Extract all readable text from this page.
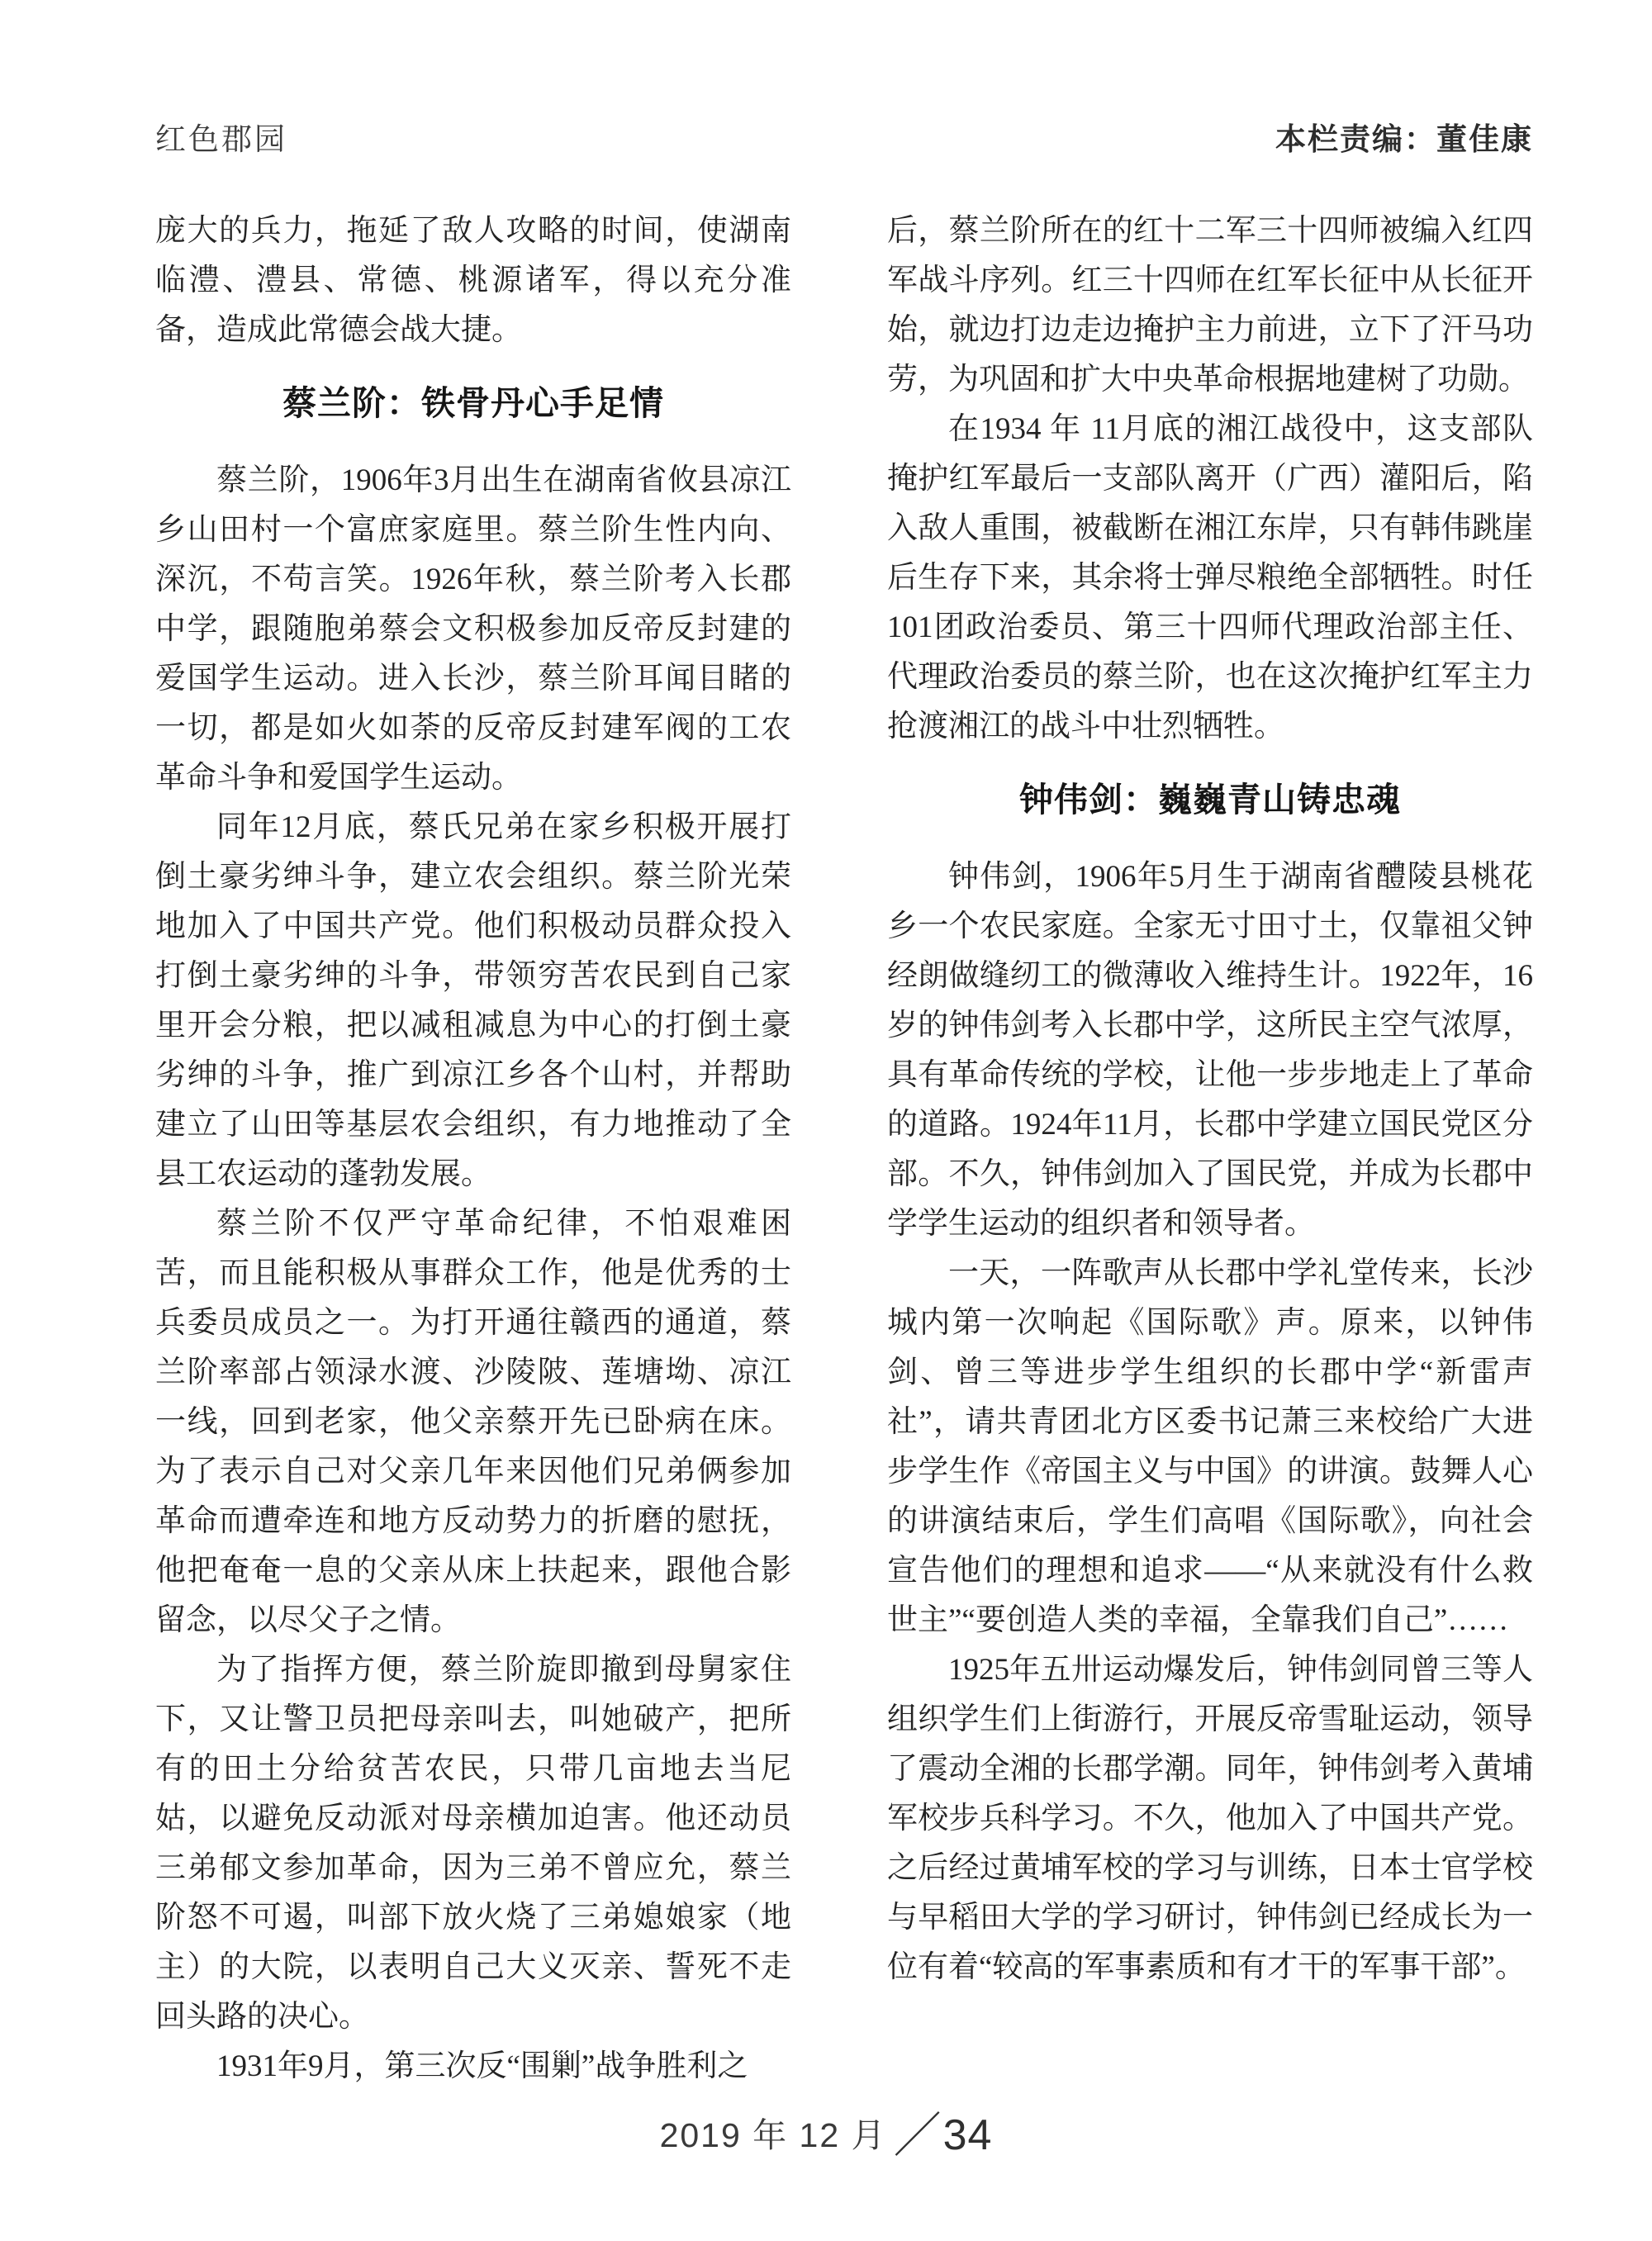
红色郡园	本栏责编：董佳康

庞大的兵力，拖延了敌人攻略的时间，使湖南临澧、澧县、常德、桃源诸军，得以充分准备，造成此常德会战大捷。

蔡兰阶：铁骨丹心手足情

蔡兰阶，1906年3月出生在湖南省攸县凉江乡山田村一个富庶家庭里。蔡兰阶生性内向、深沉，不苟言笑。1926年秋，蔡兰阶考入长郡中学，跟随胞弟蔡会文积极参加反帝反封建的爱国学生运动。进入长沙，蔡兰阶耳闻目睹的一切，都是如火如荼的反帝反封建军阀的工农革命斗争和爱国学生运动。

同年12月底，蔡氏兄弟在家乡积极开展打倒土豪劣绅斗争，建立农会组织。蔡兰阶光荣地加入了中国共产党。他们积极动员群众投入打倒土豪劣绅的斗争，带领穷苦农民到自己家里开会分粮，把以减租减息为中心的打倒土豪劣绅的斗争，推广到凉江乡各个山村，并帮助建立了山田等基层农会组织，有力地推动了全县工农运动的蓬勃发展。

蔡兰阶不仅严守革命纪律，不怕艰难困苦，而且能积极从事群众工作，他是优秀的士兵委员成员之一。为打开通往赣西的通道，蔡兰阶率部占领渌水渡、沙陵陂、莲塘坳、凉江一线，回到老家，他父亲蔡开先已卧病在床。为了表示自己对父亲几年来因他们兄弟俩参加革命而遭牵连和地方反动势力的折磨的慰抚，他把奄奄一息的父亲从床上扶起来，跟他合影留念，以尽父子之情。

为了指挥方便，蔡兰阶旋即撤到母舅家住下，又让警卫员把母亲叫去，叫她破产，把所有的田土分给贫苦农民，只带几亩地去当尼姑，以避免反动派对母亲横加迫害。他还动员三弟郁文参加革命，因为三弟不曾应允，蔡兰阶怒不可遏，叫部下放火烧了三弟媳娘家（地主）的大院，以表明自己大义灭亲、誓死不走回头路的决心。

1931年9月，第三次反“围剿”战争胜利之

后，蔡兰阶所在的红十二军三十四师被编入红四军战斗序列。红三十四师在红军长征中从长征开始，就边打边走边掩护主力前进，立下了汗马功劳，为巩固和扩大中央革命根据地建树了功勋。

在1934 年 11月底的湘江战役中，这支部队掩护红军最后一支部队离开（广西）灌阳后，陷入敌人重围，被截断在湘江东岸，只有韩伟跳崖后生存下来，其余将士弹尽粮绝全部牺牲。时任101团政治委员、第三十四师代理政治部主任、代理政治委员的蔡兰阶，也在这次掩护红军主力抢渡湘江的战斗中壮烈牺牲。

钟伟剑：巍巍青山铸忠魂

钟伟剑，1906年5月生于湖南省醴陵县桃花乡一个农民家庭。全家无寸田寸土，仅靠祖父钟经朗做缝纫工的微薄收入维持生计。1922年，16岁的钟伟剑考入长郡中学，这所民主空气浓厚，具有革命传统的学校，让他一步步地走上了革命的道路。1924年11月，长郡中学建立国民党区分部。不久，钟伟剑加入了国民党，并成为长郡中学学生运动的组织者和领导者。

一天，一阵歌声从长郡中学礼堂传来，长沙城内第一次响起《国际歌》声。原来，以钟伟剑、曾三等进步学生组织的长郡中学“新雷声社”，请共青团北方区委书记萧三来校给广大进步学生作《帝国主义与中国》的讲演。鼓舞人心的讲演结束后，学生们高唱《国际歌》，向社会宣告他们的理想和追求——“从来就没有什么救世主”“要创造人类的幸福，全靠我们自己”……

1925年五卅运动爆发后，钟伟剑同曾三等人组织学生们上街游行，开展反帝雪耻运动，领导了震动全湘的长郡学潮。同年，钟伟剑考入黄埔军校步兵科学习。不久，他加入了中国共产党。之后经过黄埔军校的学习与训练，日本士官学校与早稻田大学的学习研讨，钟伟剑已经成长为一位有着“较高的军事素质和有才干的军事干部”。

2019 年 12 月 ／34
